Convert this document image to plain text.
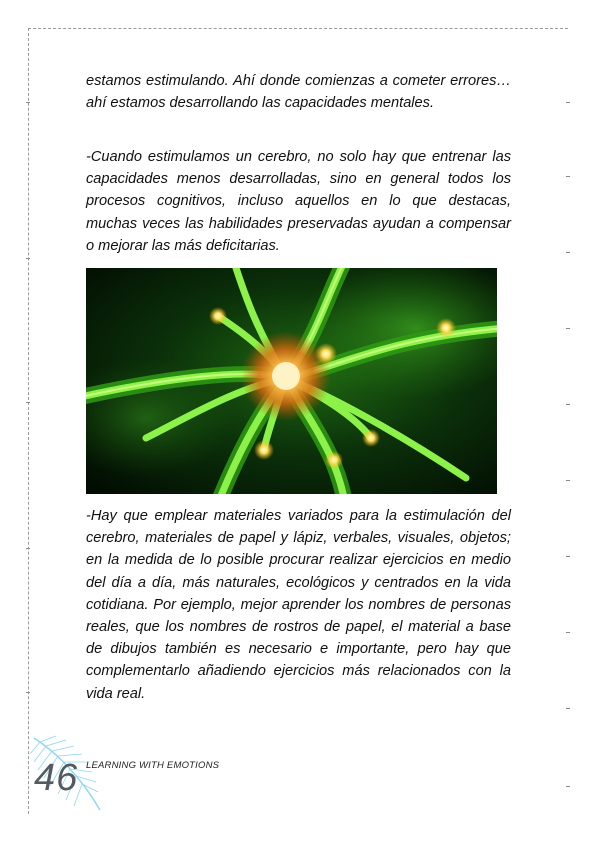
estamos estimulando. Ahí donde comienzas a cometer errores…ahí estamos desarrollando las capacidades mentales.

-Cuando estimulamos un cerebro, no solo hay que entrenar las capacidades menos desarrolladas, sino en general todos los procesos cognitivos, incluso aquellos en lo que destacas, muchas veces las habilidades preservadas ayudan a compensar o mejorar las más deficitarias.

-Hay que emplear materiales variados para la estimulación del cerebro, materiales de papel y lápiz, verbales, visuales, objetos; en la medida de lo posible procurar realizar ejercicios en medio del día a día, más naturales, ecológicos y centrados en la vida cotidiana. Por ejemplo, mejor aprender los nombres de personas reales, que los nombres de rostros de papel, el material a base de dibujos también es necesario e importante, pero hay que complementarlo añadiendo ejercicios más relacionados con la vida real.

46 LEARNING WITH EMOTIONS
